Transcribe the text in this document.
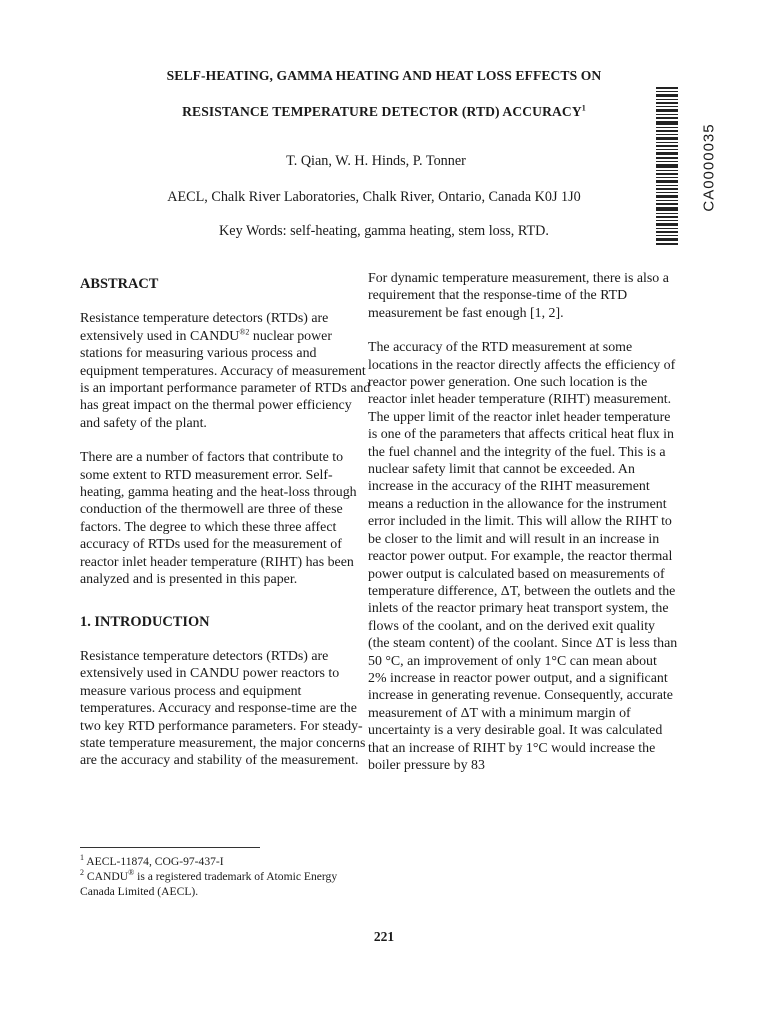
SELF-HEATING, GAMMA HEATING AND HEAT LOSS EFFECTS ON
RESISTANCE TEMPERATURE DETECTOR (RTD) ACCURACY$^1$
T. Qian, W. H. Hinds, P. Tonner
AECL, Chalk River Laboratories, Chalk River, Ontario, Canada K0J 1J0
Key Words: self-heating, gamma heating, stem loss, RTD.
CA0000035

ABSTRACT

Resistance temperature detectors (RTDs) are extensively used in $CANDU^{®2}$ nuclear power stations for measuring various process and equipment temperatures. Accuracy of measurement is an important performance parameter of RTDs and has great impact on the thermal power efficiency and safety of the plant.

There are a number of factors that contribute to some extent to RTD measurement error. Self-heating, gamma heating and the heat-loss through conduction of the thermowell are three of these factors. The degree to which these three affect accuracy of RTDs used for the measurement of reactor inlet header temperature (RIHT) has been analyzed and is presented in this paper.

1. INTRODUCTION

Resistance temperature detectors (RTDs) are extensively used in CANDU power reactors to measure various process and equipment temperatures. Accuracy and response-time are the two key RTD performance parameters. For steady-state temperature measurement, the major concerns are the accuracy and stability of the measurement.

For dynamic temperature measurement, there is also a requirement that the response-time of the RTD measurement be fast enough [1, 2].

The accuracy of the RTD measurement at some locations in the reactor directly affects the efficiency of reactor power generation. One such location is the reactor inlet header temperature (RIHT) measurement. The upper limit of the reactor inlet header temperature is one of the parameters that affects critical heat flux in the fuel channel and the integrity of the fuel. This is a nuclear safety limit that cannot be exceeded. An increase in the accuracy of the RIHT measurement means a reduction in the allowance for the instrument error included in the limit. This will allow the RIHT to be closer to the limit and will result in an increase in reactor power output. For example, the reactor thermal power output is calculated based on measurements of temperature difference, ΔT, between the outlets and the inlets of the reactor primary heat transport system, the flows of the coolant, and on the derived exit quality (the steam content) of the coolant. Since ΔT is less than 50 °C, an improvement of only 1°C can mean about 2% increase in reactor power output, and a significant increase in generating revenue. Consequently, accurate measurement of ΔT with a minimum margin of uncertainty is a very desirable goal. It was calculated that an increase of RIHT by 1°C would increase the boiler pressure by 83

$^1$ AECL-11874, COG-97-437-I

$^2$ CANDU® is a registered trademark of Atomic Energy Canada Limited (AECL).

221
